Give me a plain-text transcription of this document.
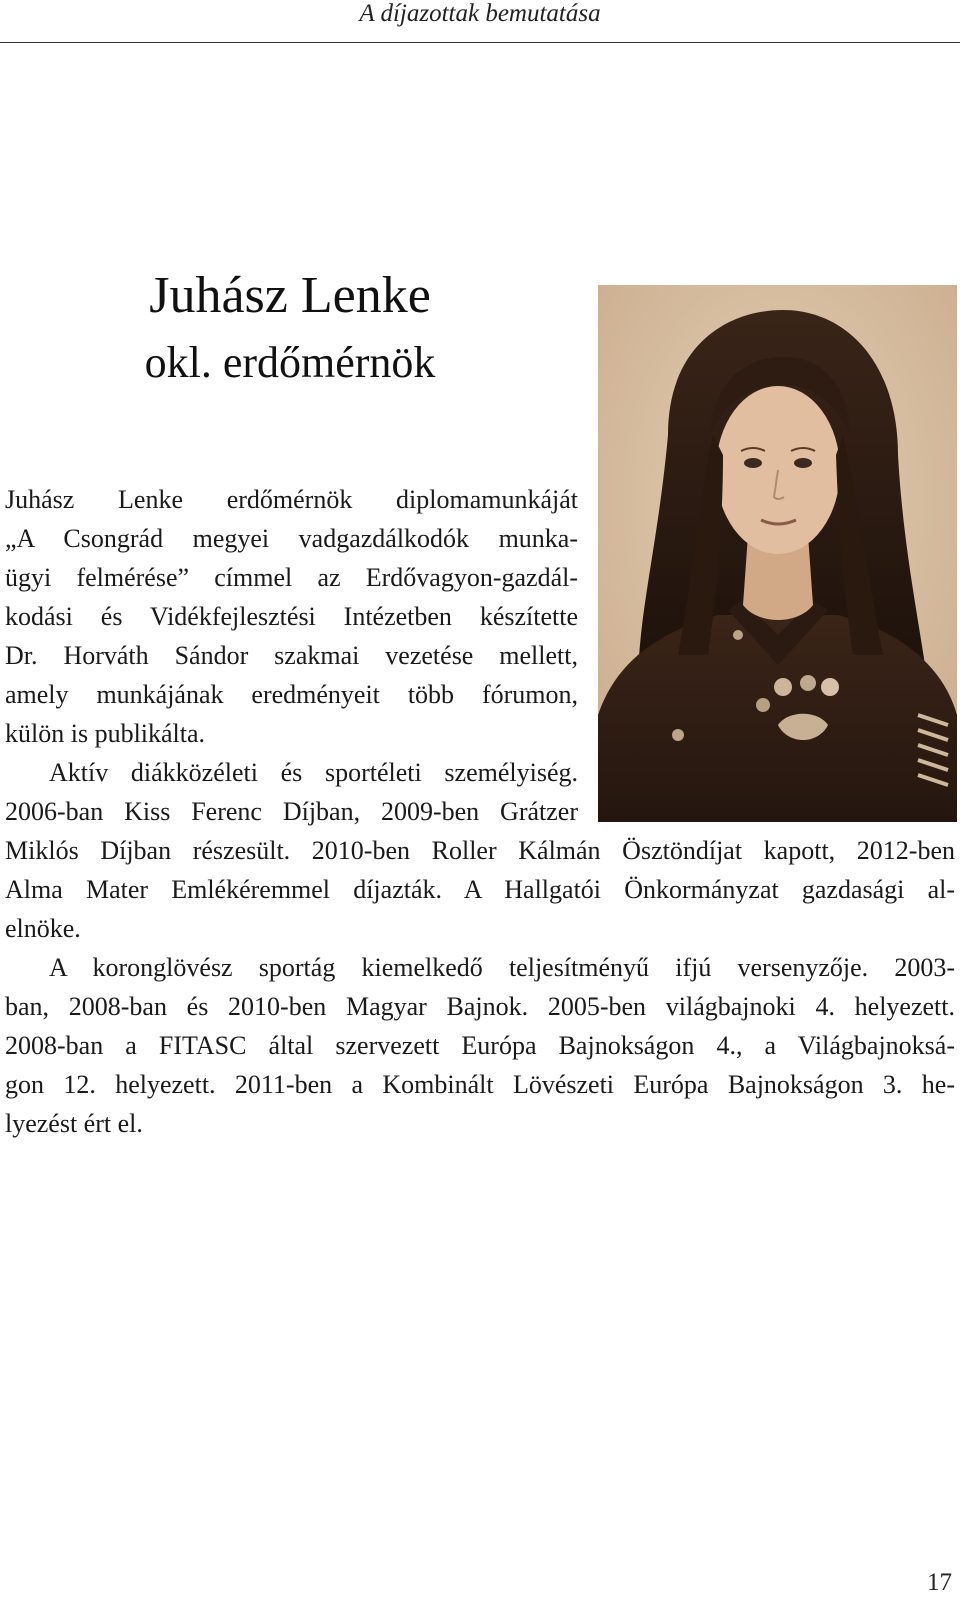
A díjazottak bemutatása
Juhász Lenke
okl. erdőmérnök
Juhász Lenke erdőmérnök diplomamunkáját
„A Csongrád megyei vadgazdálkodók munka-
ügyi felmérése” címmel az Erdővagyon-gazdál-
kodási és Vidékfejlesztési Intézetben készítette
Dr. Horváth Sándor szakmai vezetése mellett,
amely munkájának eredményeit több fórumon,
külön is publikálta.
Aktív diákközéleti és sportéleti személyiség.
2006-ban Kiss Ferenc Díjban, 2009-ben Grátzer
Miklós Díjban részesült. 2010-ben Roller Kálmán Ösztöndíjat kapott, 2012-ben
Alma Mater Emlékéremmel díjazták. A Hallgatói Önkormányzat gazdasági al-
elnöke.
A koronglövész sportág kiemelkedő teljesítményű ifjú versenyzője. 2003-
ban, 2008-ban és 2010-ben Magyar Bajnok. 2005-ben világbajnoki 4. helyezett.
2008-ban a FITASC által szervezett Európa Bajnokságon 4., a Világbajnoksá-
gon 12. helyezett. 2011-ben a Kombinált Lövészeti Európa Bajnokságon 3. he-
lyezést ért el.
17
